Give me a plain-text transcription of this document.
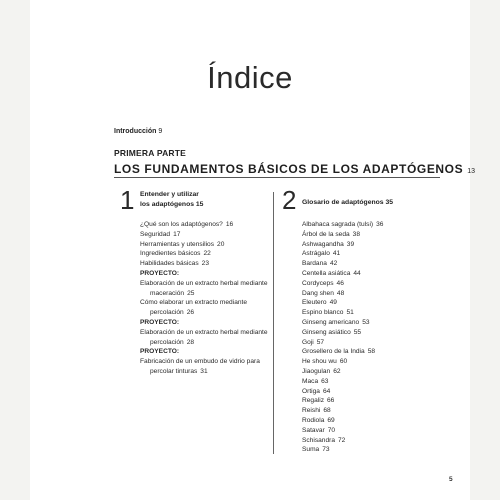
Índice
Introducción 9
PRIMERA PARTE
LOS FUNDAMENTOS BÁSICOS DE LOS ADAPTÓGENOS 13
1 Entender y utilizar
los adaptógenos 15
¿Qué son los adaptógenos? 16
Seguridad 17
Herramientas y utensilios 20
Ingredientes básicos 22
Habilidades básicas 23
PROYECTO:
Elaboración de un extracto herbal mediante maceración 25
Cómo elaborar un extracto mediante percolación 26
PROYECTO:
Elaboración de un extracto herbal mediante percolación 28
PROYECTO:
Fabricación de un embudo de vidrio para percolar tinturas 31
2 Glosario de adaptógenos 35
Albahaca sagrada (tulsi) 36
Árbol de la seda 38
Ashwagandha 39
Astrágalo 41
Bardana 42
Centella asiática 44
Cordyceps 46
Dang shen 48
Eleutero 49
Espino blanco 51
Ginseng americano 53
Ginseng asiático 55
Goji 57
Grosellero de la India 58
He shou wu 60
Jiaogulan 62
Maca 63
Ortiga 64
Regaliz 66
Reishi 68
Rodiola 69
Satavar 70
Schisandra 72
Suma 73
5
